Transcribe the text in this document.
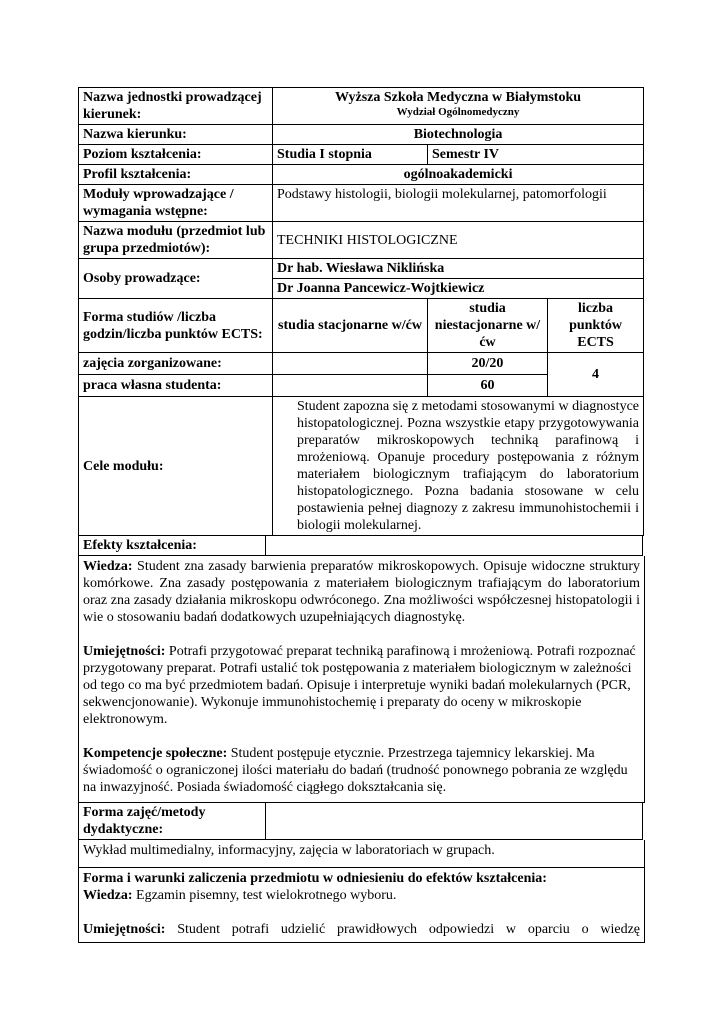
Nazwa jednostki prowadzącej kierunek:	Wyższa Szkoła Medyczna w Białymstoku
Wydział Ogólnomedyczny		

Nazwa kierunku:	Biotechnologia		
Poziom kształcenia:	Studia I stopnia	Semestr IV	
Profil kształcenia:	ogólnoakademicki		
Moduły wprowadzające / wymagania wstępne:	Podstawy histologii, biologii molekularnej, patomorfologii		
Nazwa modułu (przedmiot lub grupa przedmiotów):	TECHNIKI HISTOLOGICZNE		
Osoby prowadzące:	Dr hab. Wiesława Niklińska		
	Dr Joanna Pancewicz-Wojtkiewicz		
Forma studiów /liczba godzin/liczba punktów ECTS:	studia stacjonarne w/ćw	studia niestacjonarne w/ćw	liczba punktów ECTS
zajęcia zorganizowane:		20/20	4
praca własna studenta:		60	
Cele modułu:	Student zapozna się z metodami stosowanymi w diagnostyce histopatologicznej. Pozna wszystkie etapy przygotowywania preparatów mikroskopowych techniką parafinową i mrożeniową. Opanuje procedury postępowania z różnym materiałem biologicznym trafiającym do laboratorium histopatologicznego. Pozna badania stosowane w celu postawienia pełnej diagnozy z zakresu immunohistochemii i biologii molekularnej.
Efekty kształcenia:

Wiedza: Student zna zasady barwienia preparatów mikroskopowych. Opisuje widoczne struktury komórkowe. Zna zasady postępowania z materiałem biologicznym trafiającym do laboratorium oraz zna zasady działania mikroskopu odwróconego. Zna możliwości współczesnej histopatologii i wie o stosowaniu badań dodatkowych uzupełniających diagnostykę.

Umiejętności: Potrafi przygotować preparat techniką parafinową i mrożeniową. Potrafi rozpoznać przygotowany preparat. Potrafi ustalić tok postępowania z materiałem biologicznym w zależności od tego co ma być przedmiotem badań. Opisuje i interpretuje wyniki badań molekularnych (PCR, sekwencjonowanie). Wykonuje immunohistochemię i preparaty do oceny w mikroskopie elektronowym.

Kompetencje społeczne: Student postępuje etycznie. Przestrzega tajemnicy lekarskiej. Ma świadomość o ograniczonej ilości materiału do badań (trudność ponownego pobrania ze względu na inwazyjność. Posiada świadomość ciągłego dokształcania się.

Forma zajęć/metody dydaktyczne:
Wykład multimedialny, informacyjny, zajęcia w laboratoriach w grupach.
Forma i warunki zaliczenia przedmiotu w odniesieniu do efektów kształcenia:
Wiedza: Egzamin pisemny, test wielokrotnego wyboru.
Umiejętności: Student potrafi udzielić prawidłowych odpowiedzi w oparciu o wiedzę
